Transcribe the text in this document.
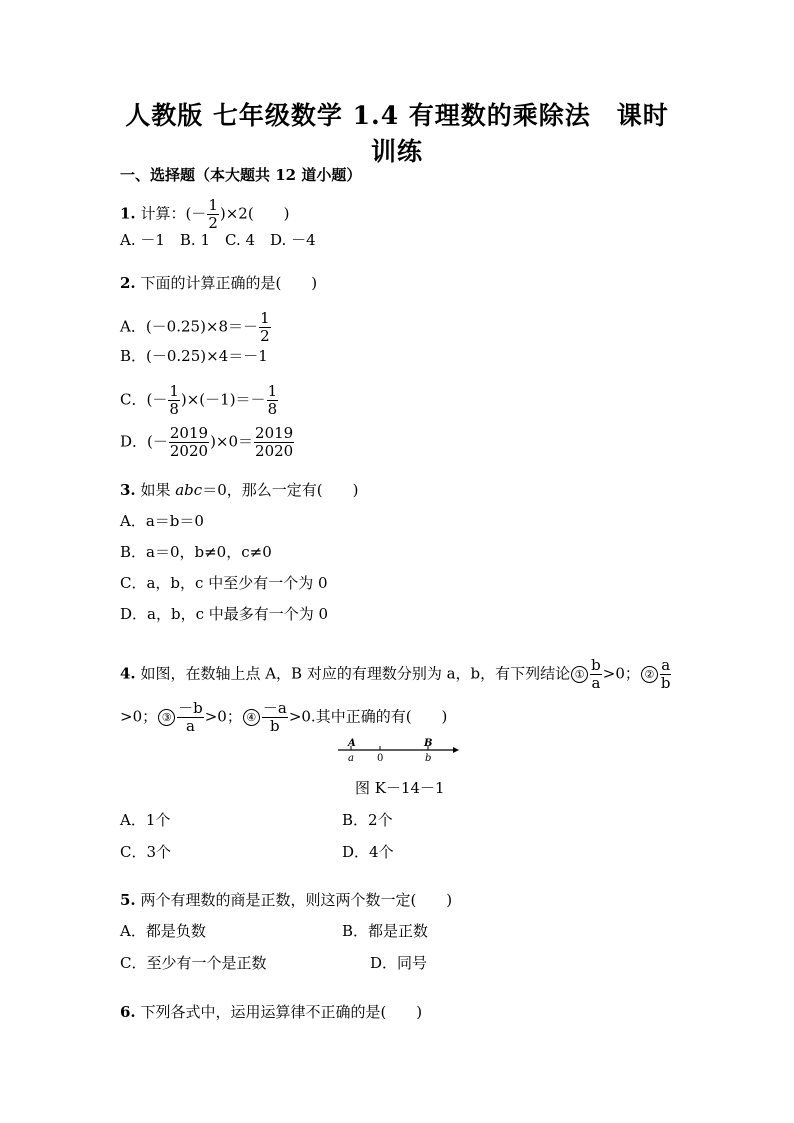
人教版 七年级数学 1.4 有理数的乘除法　课时
训练
一、选择题（本大题共 12 道小题）
1. 计算：(－ $\frac{1}{2} )\times 2$(　　)
A. －1　B. 1　C. 4　D. －4
2. 下面的计算正确的是(　　)
A．$(-0.25)\times 8=- \frac{1}{2}$
B．(－0.25)×4＝－1
C．(－ $\frac{1}{8} )\times(-1)=- \frac{1}{8}$
D．(－ $\frac{2019}{2020} )\times 0= \frac{2019}{2020}$
3. 如果 abc＝0，那么一定有(　　)
A．a＝b＝0
B．a＝0，b≠0，c≠0
C．a，b，c 中至少有一个为 0
D．a，b，c 中最多有一个为 0
4. 如图，在数轴上点 A，B 对应的有理数分别为 a，b，有下列结论 ① $\frac{b}{a} >0$； ② $\frac{a}{b}$
>0； ③ $\frac{-b}{a} >0$； ④ $\frac{-a}{b} >0$.其中正确的有(　　)
A
a 0
B
b
图 K－14－1
A．1个	B．2个
C．3个	D．4个
5. 两个有理数的商是正数，则这两个数一定(　　)
A．都是负数	B．都是正数
C．至少有一个是正数	D．同号
6. 下列各式中，运用运算律不正确的是(　　)
